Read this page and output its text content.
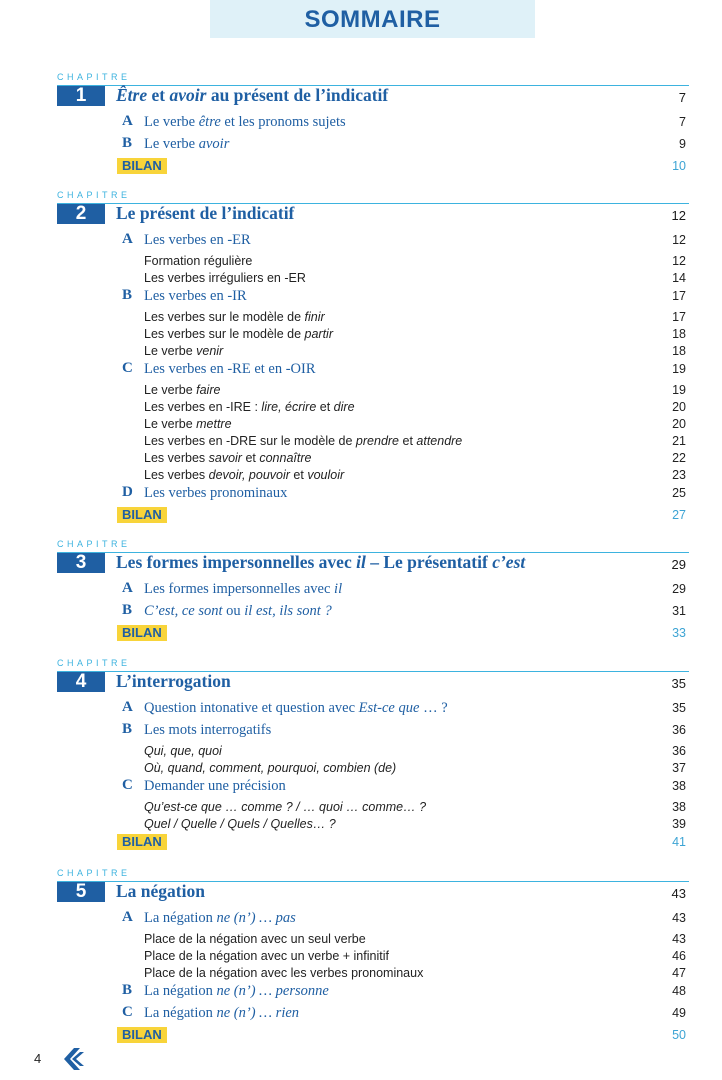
SOMMAIRE
CHAPITRE
1	Être et avoir au présent de l’indicatif	7
A Le verbe être et les pronoms sujets	7
B Le verbe avoir	9
BILAN	10
CHAPITRE
2	Le présent de l’indicatif	12
A Les verbes en -ER	12
Formation régulière	12
Les verbes irréguliers en -ER	14
B Les verbes en -IR	17
Les verbes sur le modèle de finir	17
Les verbes sur le modèle de partir	18
Le verbe venir	18
C Les verbes en -RE et en -OIR	19
Le verbe faire	19
Les verbes en -IRE : lire, écrire et dire	20
Le verbe mettre	20
Les verbes en -DRE sur le modèle de prendre et attendre	21
Les verbes savoir et connaître	22
Les verbes devoir, pouvoir et vouloir	23
D Les verbes pronominaux	25
BILAN	27
CHAPITRE
3	Les formes impersonnelles avec il – Le présentatif c’est	29
A Les formes impersonnelles avec il	29
B C’est, ce sont ou il est, ils sont ?	31
BILAN	33
CHAPITRE
4	L’interrogation	35
A Question intonative et question avec Est-ce que … ?	35
B Les mots interrogatifs	36
Qui, que, quoi	36
Où, quand, comment, pourquoi, combien (de)	37
C Demander une précision	38
Qu’est-ce que … comme ? / … quoi … comme… ?	38
Quel / Quelle / Quels / Quelles… ?	39
BILAN	41
CHAPITRE
5	La négation	43
A La négation ne (n’) … pas	43
Place de la négation avec un seul verbe	43
Place de la négation avec un verbe + infinitif	46
Place de la négation avec les verbes pronominaux	47
B La négation ne (n’) … personne	48
C La négation ne (n’) … rien	49
BILAN	50
4
